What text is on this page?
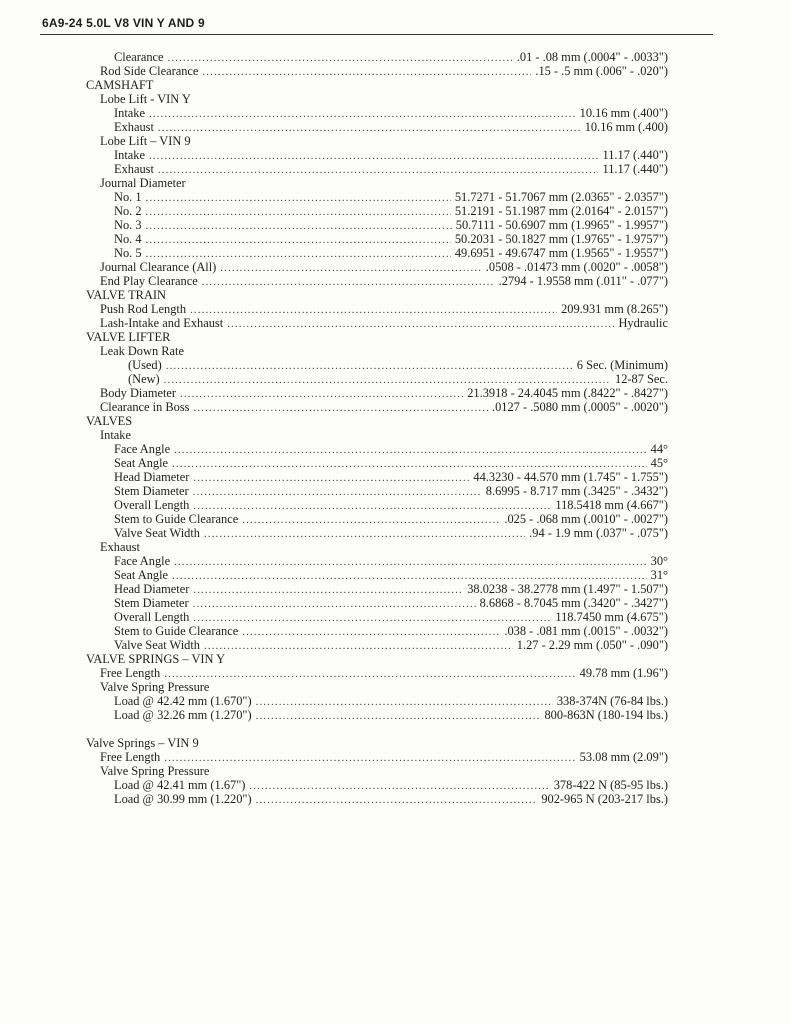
6A9-24 5.0L V8 VIN Y AND 9
Clearance .....	.01 - .08 mm (.0004" - .0033")
Rod Side Clearance .....	.15 - .5 mm (.006" - .020")
CAMSHAFT
Lobe Lift - VIN Y
Intake .....	10.16 mm (.400")
Exhaust .....	10.16 mm (.400)
Lobe Lift – VIN 9
Intake .....	11.17 (.440")
Exhaust .....	11.17 (.440")
Journal Diameter
No. 1 .....	51.7271 - 51.7067 mm (2.0365" - 2.0357")
No. 2 .....	51.2191 - 51.1987 mm (2.0164" - 2.0157")
No. 3 .....	50.7111 - 50.6907 mm (1.9965" - 1.9957")
No. 4 .....	50.2031 - 50.1827 mm (1.9765" - 1.9757")
No. 5 .....	49.6951 - 49.6747 mm (1.9565" - 1.9557")
Journal Clearance (All) .....	.0508 - .01473 mm (.0020" - .0058")
End Play Clearance .....	.2794 - 1.9558 mm (.011" - .077")
VALVE TRAIN
Push Rod Length .....	209.931 mm (8.265")
Lash-Intake and Exhaust .....	Hydraulic
VALVE LIFTER
Leak Down Rate
(Used) .....	6 Sec. (Minimum)
(New) .....	12-87 Sec.
Body Diameter .....	21.3918 - 24.4045 mm (.8422" - .8427")
Clearance in Boss .....	.0127 - .5080 mm (.0005" - .0020")
VALVES
Intake
Face Angle .....	44°
Seat Angle .....	45°
Head Diameter .....	44.3230 - 44.570 mm (1.745" - 1.755")
Stem Diameter .....	8.6995 - 8.717 mm (.3425" - .3432")
Overall Length .....	118.5418 mm (4.667")
Stem to Guide Clearance .....	.025 - .068 mm (.0010" - .0027")
Valve Seat Width .....	.94 - 1.9 mm (.037" - .075")
Exhaust
Face Angle .....	30°
Seat Angle .....	31°
Head Diameter .....	38.0238 - 38.2778 mm (1.497" - 1.507")
Stem Diameter .....	8.6868 - 8.7045 mm (.3420" - .3427")
Overall Length .....	118.7450 mm (4.675")
Stem to Guide Clearance .....	.038 - .081 mm (.0015" - .0032")
Valve Seat Width .....	1.27 - 2.29 mm (.050" - .090")
VALVE SPRINGS – VIN Y
Free Length .....	49.78 mm (1.96")
Valve Spring Pressure
Load @ 42.42 mm (1.670") .....	338-374N (76-84 lbs.)
Load @ 32.26 mm (1.270") .....	800-863N (180-194 lbs.)
Valve Springs – VIN 9
Free Length .....	53.08 mm (2.09")
Valve Spring Pressure
Load @ 42.41 mm (1.67") .....	378-422 N (85-95 lbs.)
Load @ 30.99 mm (1.220") .....	902-965 N (203-217 lbs.)
